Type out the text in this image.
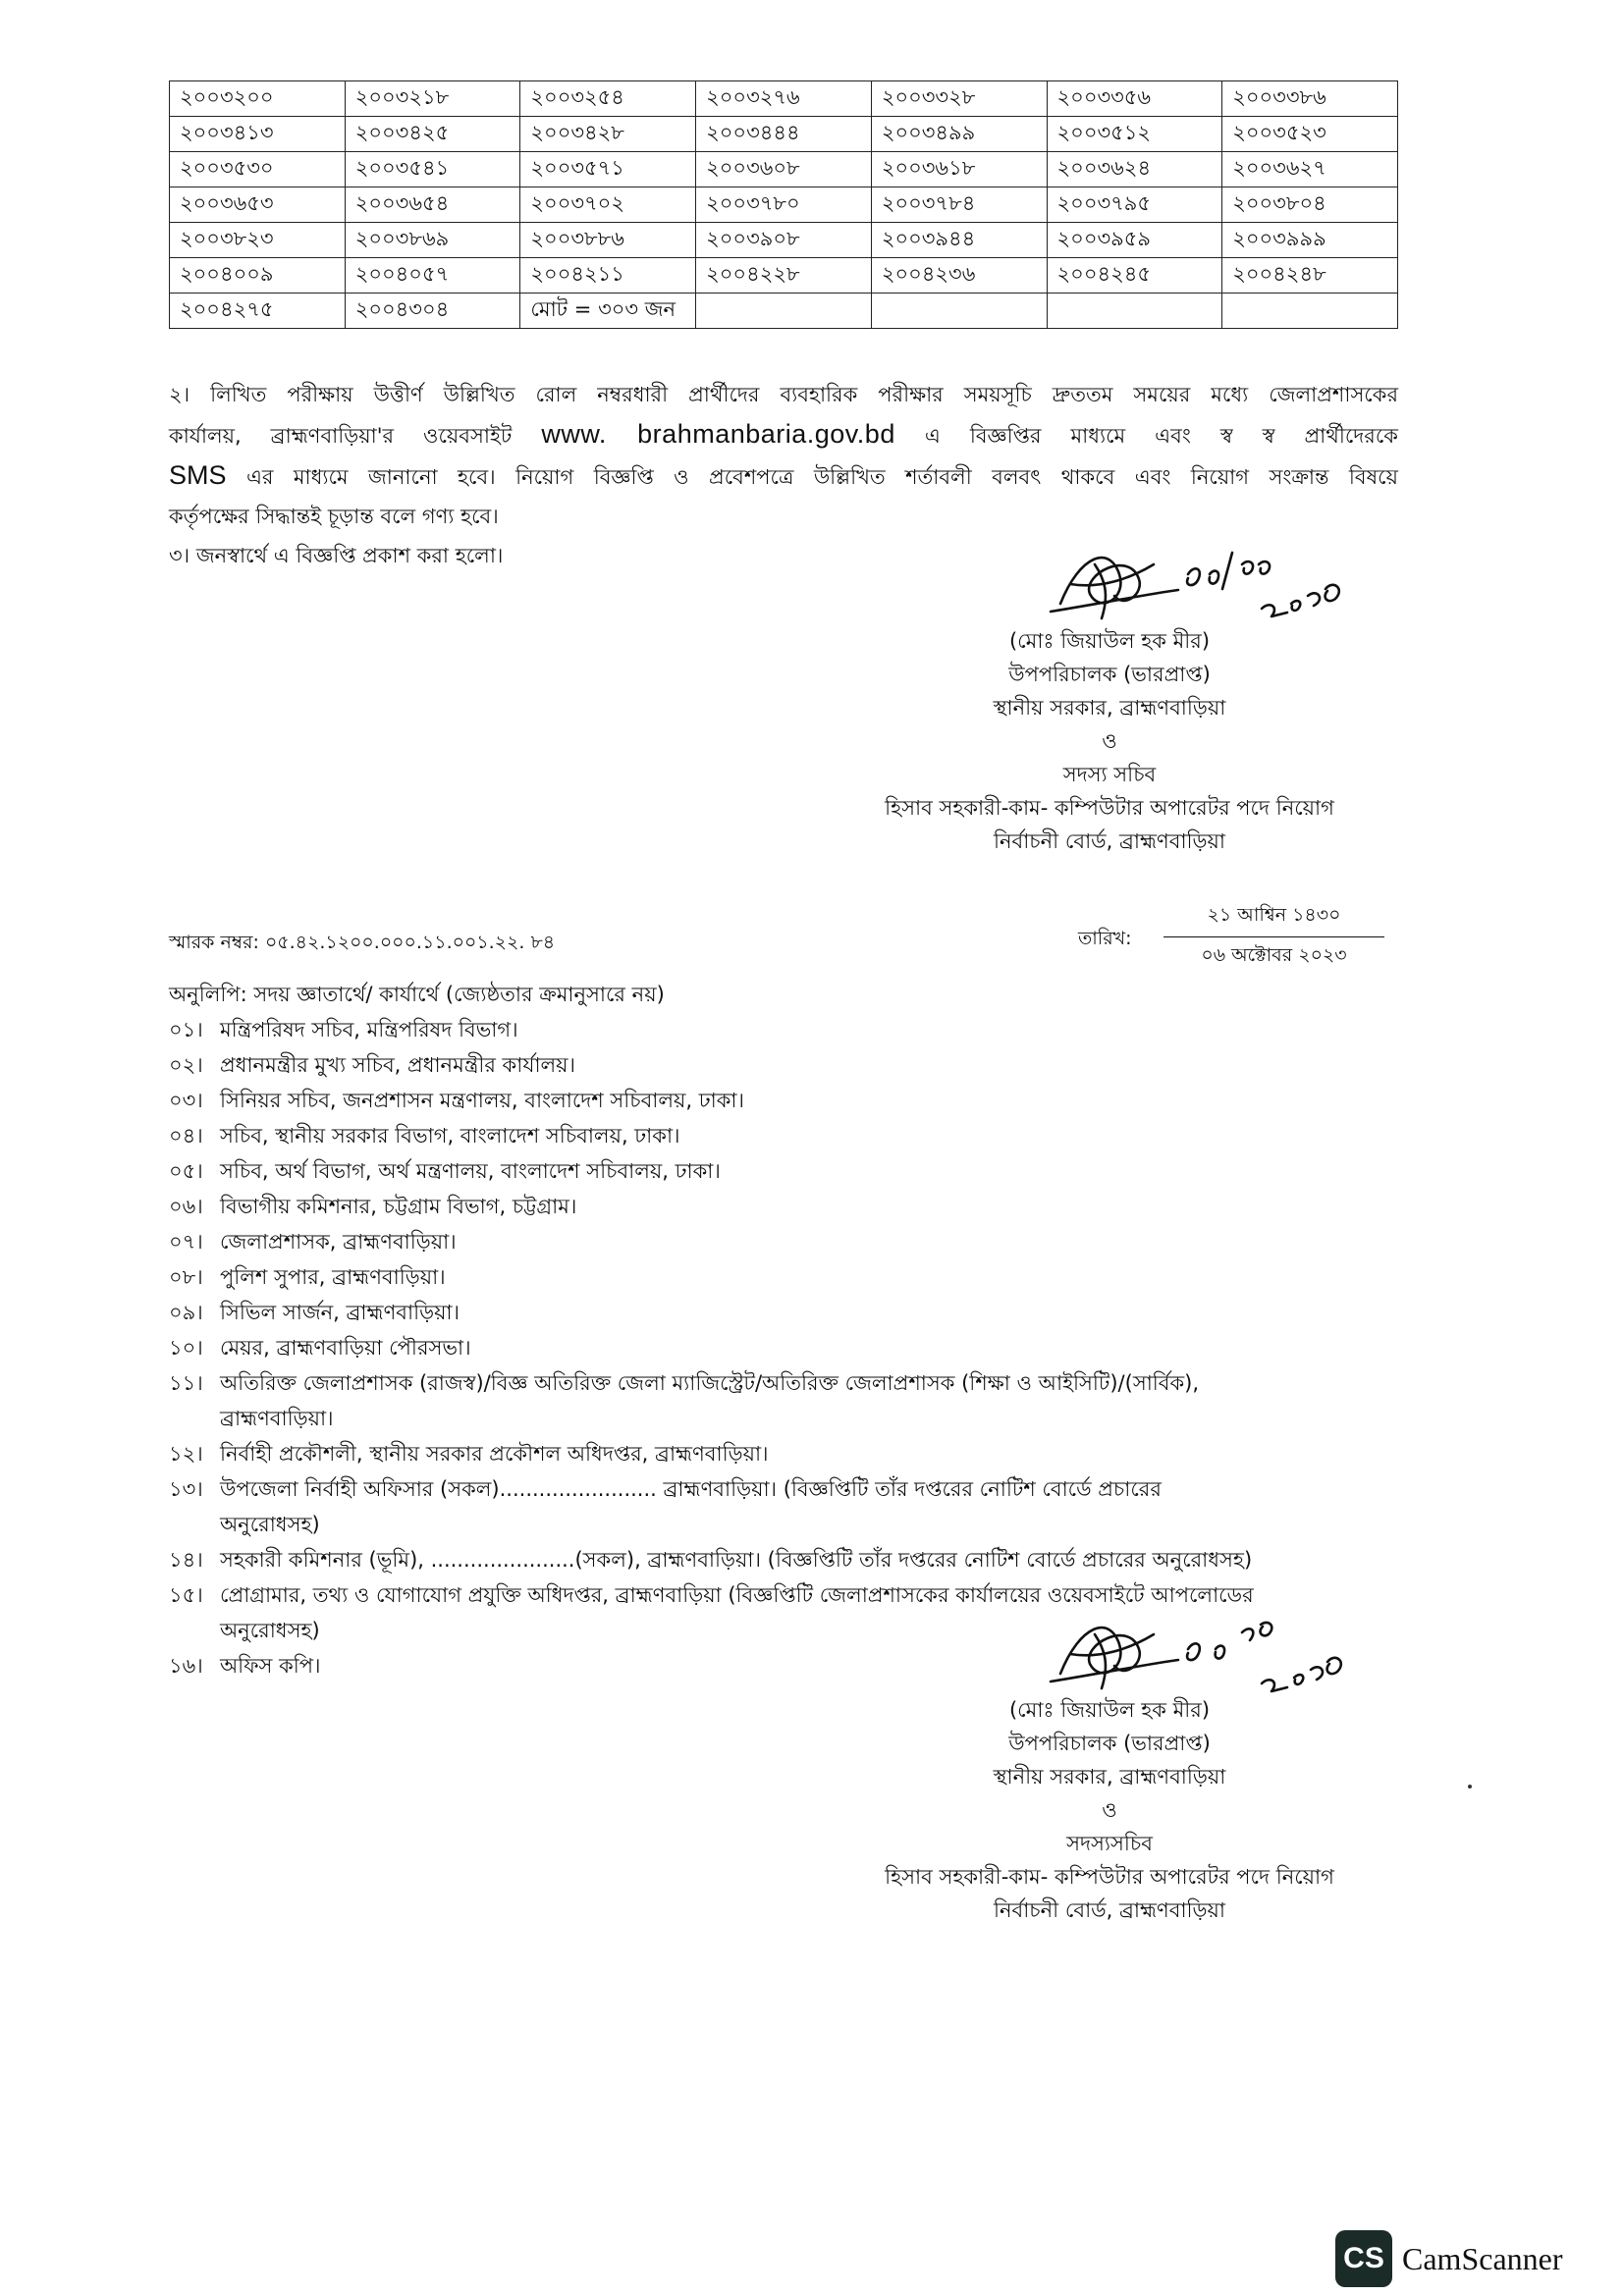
২০০৩২০০	২০০৩২১৮	২০০৩২৫৪	২০০৩২৭৬	২০০৩৩২৮	২০০৩৩৫৬	২০০৩৩৮৬
২০০৩৪১৩	২০০৩৪২৫	২০০৩৪২৮	২০০৩৪৪৪	২০০৩৪৯৯	২০০৩৫১২	২০০৩৫২৩
২০০৩৫৩০	২০০৩৫৪১	২০০৩৫৭১	২০০৩৬০৮	২০০৩৬১৮	২০০৩৬২৪	২০০৩৬২৭
২০০৩৬৫৩	২০০৩৬৫৪	২০০৩৭০২	২০০৩৭৮০	২০০৩৭৮৪	২০০৩৭৯৫	২০০৩৮০৪
২০০৩৮২৩	২০০৩৮৬৯	২০০৩৮৮৬	২০০৩৯০৮	২০০৩৯৪৪	২০০৩৯৫৯	২০০৩৯৯৯
২০০৪০০৯	২০০৪০৫৭	২০০৪২১১	২০০৪২২৮	২০০৪২৩৬	২০০৪২৪৫	২০০৪২৪৮
২০০৪২৭৫	২০০৪৩০৪	মোট = ৩০৩ জন				
২। লিখিত পরীক্ষায় উত্তীর্ণ উল্লিখিত রোল নম্বরধারী প্রার্থীদের ব্যবহারিক পরীক্ষার সময়সূচি দ্রুততম সময়ের মধ্যে জেলাপ্রশাসকের
কার্যালয়, ব্রাহ্মণবাড়িয়া'র ওয়েবসাইট www. brahmanbaria.gov.bd এ বিজ্ঞপ্তির মাধ্যমে এবং স্ব স্ব প্রার্থীদেরকে
SMS এর মাধ্যমে জানানো হবে। নিয়োগ বিজ্ঞপ্তি ও প্রবেশপত্রে উল্লিখিত শর্তাবলী বলবৎ থাকবে এবং নিয়োগ সংক্রান্ত বিষয়ে
কর্তৃপক্ষের সিদ্ধান্তই চূড়ান্ত বলে গণ্য হবে।
৩। জনস্বার্থে এ বিজ্ঞপ্তি প্রকাশ করা হলো।
(মোঃ জিয়াউল হক মীর)
উপপরিচালক (ভারপ্রাপ্ত)
স্থানীয় সরকার, ব্রাহ্মণবাড়িয়া
ও
সদস্য সচিব
হিসাব সহকারী-কাম- কম্পিউটার অপারেটর পদে নিয়োগ
নির্বাচনী বোর্ড, ব্রাহ্মণবাড়িয়া
স্মারক নম্বর: ০৫.৪২.১২০০.০০০.১১.০০১.২২. ৮৪	তারিখ:
২১ আশ্বিন ১৪৩০
০৬ অক্টোবর ২০২৩
অনুলিপি: সদয় জ্ঞাতার্থে/ কার্যার্থে (জ্যেষ্ঠতার ক্রমানুসারে নয়)
০১। মন্ত্রিপরিষদ সচিব, মন্ত্রিপরিষদ বিভাগ।
০২। প্রধানমন্ত্রীর মুখ্য সচিব, প্রধানমন্ত্রীর কার্যালয়।
০৩। সিনিয়র সচিব, জনপ্রশাসন মন্ত্রণালয়, বাংলাদেশ সচিবালয়, ঢাকা।
০৪। সচিব, স্থানীয় সরকার বিভাগ, বাংলাদেশ সচিবালয়, ঢাকা।
০৫। সচিব, অর্থ বিভাগ, অর্থ মন্ত্রণালয়, বাংলাদেশ সচিবালয়, ঢাকা।
০৬। বিভাগীয় কমিশনার, চট্টগ্রাম বিভাগ, চট্টগ্রাম।
০৭। জেলাপ্রশাসক, ব্রাহ্মণবাড়িয়া।
০৮। পুলিশ সুপার, ব্রাহ্মণবাড়িয়া।
০৯। সিভিল সার্জন, ব্রাহ্মণবাড়িয়া।
১০। মেয়র, ব্রাহ্মণবাড়িয়া পৌরসভা।
১১। অতিরিক্ত জেলাপ্রশাসক (রাজস্ব)/বিজ্ঞ অতিরিক্ত জেলা ম্যাজিস্ট্রেট/অতিরিক্ত জেলাপ্রশাসক (শিক্ষা ও আইসিটি)/(সার্বিক),
ব্রাহ্মণবাড়িয়া।
১২। নির্বাহী প্রকৌশলী, স্থানীয় সরকার প্রকৌশল অধিদপ্তর, ব্রাহ্মণবাড়িয়া।
১৩। উপজেলা নির্বাহী অফিসার (সকল)........................ ব্রাহ্মণবাড়িয়া। (বিজ্ঞপ্তিটি তাঁর দপ্তরের নোটিশ বোর্ডে প্রচারের
অনুরোধসহ)
১৪। সহকারী কমিশনার (ভূমি), ......................(সকল), ব্রাহ্মণবাড়িয়া। (বিজ্ঞপ্তিটি তাঁর দপ্তরের নোটিশ বোর্ডে প্রচারের অনুরোধসহ)
১৫। প্রোগ্রামার, তথ্য ও যোগাযোগ প্রযুক্তি অধিদপ্তর, ব্রাহ্মণবাড়িয়া (বিজ্ঞপ্তিটি জেলাপ্রশাসকের কার্যালয়ের ওয়েবসাইটে আপলোডের
অনুরোধসহ)
১৬। অফিস কপি।
(মোঃ জিয়াউল হক মীর)
উপপরিচালক (ভারপ্রাপ্ত)
স্থানীয় সরকার, ব্রাহ্মণবাড়িয়া
ও
সদস্যসচিব
হিসাব সহকারী-কাম- কম্পিউটার অপারেটর পদে নিয়োগ
নির্বাচনী বোর্ড, ব্রাহ্মণবাড়িয়া
CS CamScanner
